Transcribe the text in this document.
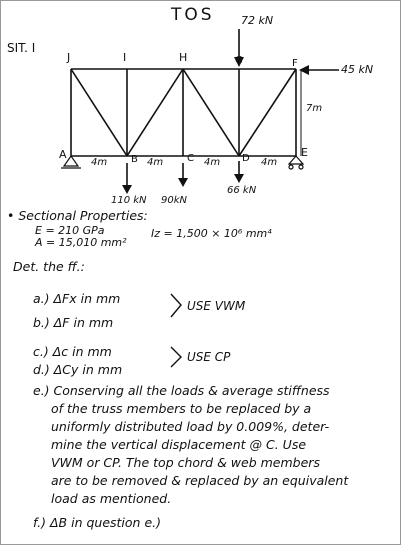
TOS
SIT. I
J	I	H	G	F
A	B	C	D	E
72 kN
45 kN
7m
4m	4m	4m	4m
110 kN 90kN
66 kN
• Sectional Properties:
E = 210 GPa
A = 15,010 mm²
Iz = 1,500 × 10⁶ mm⁴
Det. the ff.:
a.) ΔFx in mm
b.) ΔF in mm
USE VWM
c.) Δc in mm
d.) ΔCy in mm
USE CP
e.) Conserving all the loads & average stiffness
of the truss members to be replaced by a
uniformly distributed load by 0.009%, deter-
mine the vertical displacement @ C. Use
VWM or CP. The top chord & web members
are to be removed & replaced by an equivalent
load as mentioned.
f.) ΔB in question e.)
